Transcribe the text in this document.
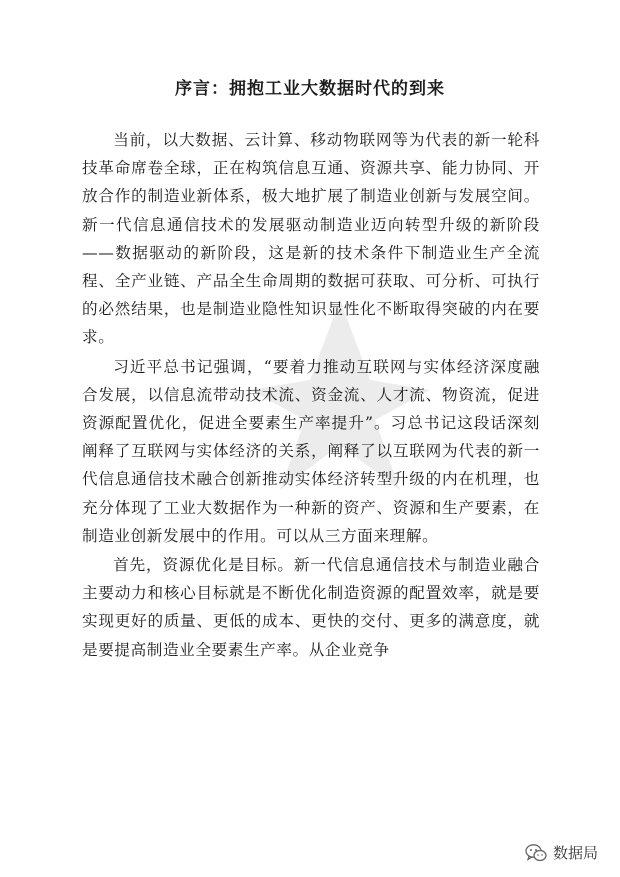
序言：拥抱工业大数据时代的到来

当前，以大数据、云计算、移动物联网等为代表的新一轮科技革命席卷全球，正在构筑信息互通、资源共享、能力协同、开放合作的制造业新体系，极大地扩展了制造业创新与发展空间。新一代信息通信技术的发展驱动制造业迈向转型升级的新阶段——数据驱动的新阶段，这是新的技术条件下制造业生产全流程、全产业链、产品全生命周期的数据可获取、可分析、可执行的必然结果，也是制造业隐性知识显性化不断取得突破的内在要求。

习近平总书记强调，“要着力推动互联网与实体经济深度融合发展，以信息流带动技术流、资金流、人才流、物资流，促进资源配置优化，促进全要素生产率提升”。习总书记这段话深刻阐释了互联网与实体经济的关系，阐释了以互联网为代表的新一代信息通信技术融合创新推动实体经济转型升级的内在机理，也充分体现了工业大数据作为一种新的资产、资源和生产要素，在制造业创新发展中的作用。可以从三方面来理解。

首先，资源优化是目标。新一代信息通信技术与制造业融合主要动力和核心目标就是不断优化制造资源的配置效率，就是要实现更好的质量、更低的成本、更快的交付、更多的满意度，就是要提高制造业全要素生产率。从企业竞争

数据局
